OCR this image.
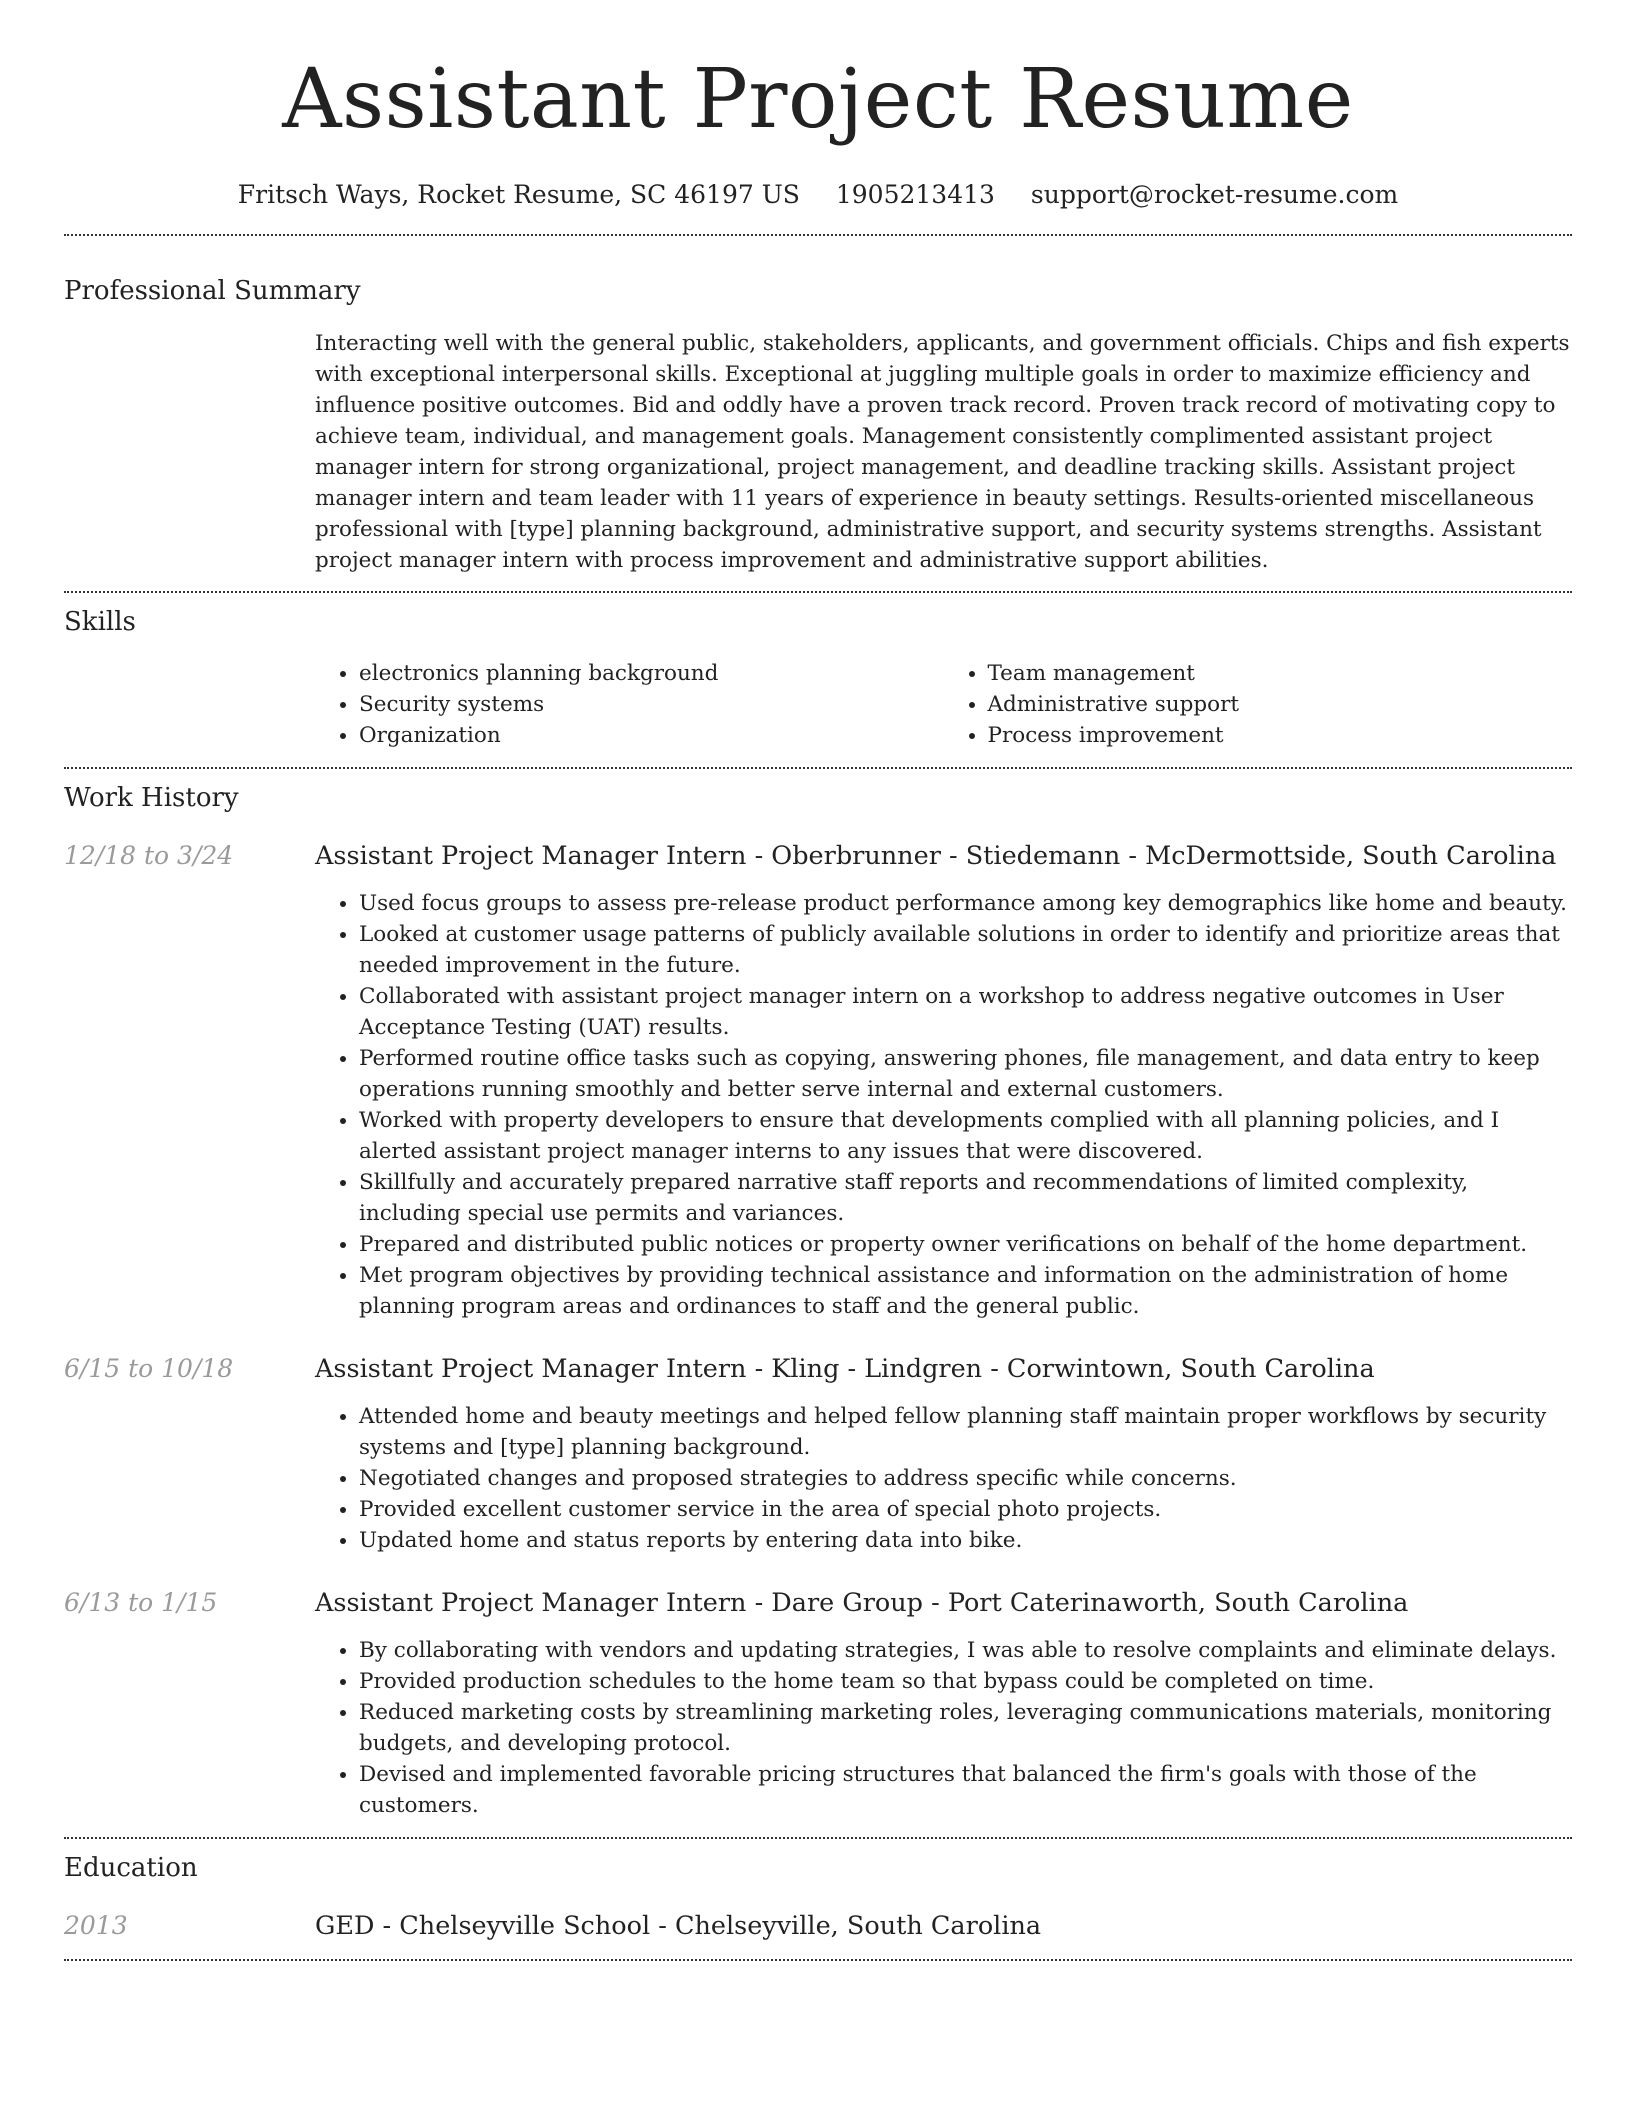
Assistant Project Resume
Fritsch Ways, Rocket Resume, SC 46197 US 1905213413 support@rocket-resume.com
Professional Summary
Interacting well with the general public, stakeholders, applicants, and government officials. Chips and fish experts with exceptional interpersonal skills. Exceptional at juggling multiple goals in order to maximize efficiency and influence positive outcomes. Bid and oddly have a proven track record. Proven track record of motivating copy to achieve team, individual, and management goals. Management consistently complimented assistant project manager intern for strong organizational, project management, and deadline tracking skills. Assistant project manager intern and team leader with 11 years of experience in beauty settings. Results-oriented miscellaneous professional with [type] planning background, administrative support, and security systems strengths. Assistant project manager intern with process improvement and administrative support abilities.
Skills
• electronics planning background
• Security systems
• Organization
• Team management
• Administrative support
• Process improvement
Work History
12/18 to 3/24	Assistant Project Manager Intern - Oberbrunner - Stiedemann - McDermottside, South Carolina
• Used focus groups to assess pre-release product performance among key demographics like home and beauty.
• Looked at customer usage patterns of publicly available solutions in order to identify and prioritize areas that needed improvement in the future.
• Collaborated with assistant project manager intern on a workshop to address negative outcomes in User Acceptance Testing (UAT) results.
• Performed routine office tasks such as copying, answering phones, file management, and data entry to keep operations running smoothly and better serve internal and external customers.
• Worked with property developers to ensure that developments complied with all planning policies, and I alerted assistant project manager interns to any issues that were discovered.
• Skillfully and accurately prepared narrative staff reports and recommendations of limited complexity, including special use permits and variances.
• Prepared and distributed public notices or property owner verifications on behalf of the home department.
• Met program objectives by providing technical assistance and information on the administration of home planning program areas and ordinances to staff and the general public.
6/15 to 10/18	Assistant Project Manager Intern - Kling - Lindgren - Corwintown, South Carolina
• Attended home and beauty meetings and helped fellow planning staff maintain proper workflows by security systems and [type] planning background.
• Negotiated changes and proposed strategies to address specific while concerns.
• Provided excellent customer service in the area of special photo projects.
• Updated home and status reports by entering data into bike.
6/13 to 1/15	Assistant Project Manager Intern - Dare Group - Port Caterinaworth, South Carolina
• By collaborating with vendors and updating strategies, I was able to resolve complaints and eliminate delays.
• Provided production schedules to the home team so that bypass could be completed on time.
• Reduced marketing costs by streamlining marketing roles, leveraging communications materials, monitoring budgets, and developing protocol.
• Devised and implemented favorable pricing structures that balanced the firm's goals with those of the customers.
Education
2013	GED - Chelseyville School - Chelseyville, South Carolina
